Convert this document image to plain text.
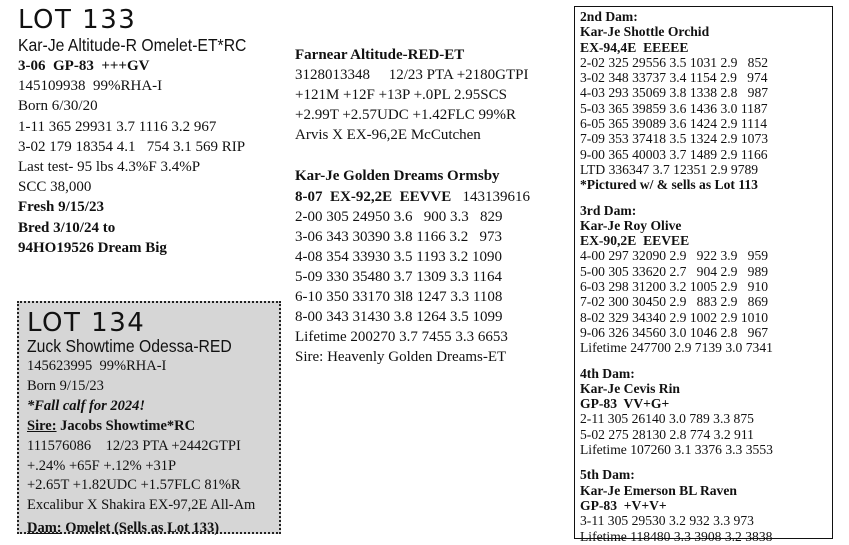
LOT 133
Kar-Je Altitude-R Omelet-ET*RC
3-06  GP-83  +++GV
145109938  99%RHA-I
Born 6/30/20
1-11 365 29931 3.7 1116 3.2 967
3-02 179 18354 4.1   754 3.1 569 RIP
Last test- 95 lbs 4.3%F 3.4%P
SCC 38,000
Fresh 9/15/23
Bred 3/10/24 to
94HO19526 Dream Big
LOT 134
Zuck Showtime Odessa-RED
145623995  99%RHA-I
Born 9/15/23
*Fall calf for 2024!
Sire: Jacobs Showtime*RC
111576086    12/23 PTA +2442GTPI
+.24% +65F +.12% +31P
+2.65T +1.82UDC +1.57FLC 81%R
Excalibur X Shakira EX-97,2E All-Am
Dam: Omelet (Sells as Lot 133)
Farnear Altitude-RED-ET
3128013348     12/23 PTA +2180GTPI
+121M +12F +13P +.0PL 2.95SCS
+2.99T +2.57UDC +1.42FLC 99%R
Arvis X EX-96,2E McCutchen
Kar-Je Golden Dreams Ormsby
8-07  EX-92,2E  EEVVE   143139616
2-00 305 24950 3.6   900 3.3   829
3-06 343 30390 3.8 1166 3.2   973
4-08 354 33930 3.5 1193 3.2 1090
5-09 330 35480 3.7 1309 3.3 1164
6-10 350 33170 3l8 1247 3.3 1108
8-00 343 31430 3.8 1264 3.5 1099
Lifetime 200270 3.7 7455 3.3 6653
Sire: Heavenly Golden Dreams-ET
2nd Dam:
Kar-Je Shottle Orchid
EX-94,4E  EEEEE
2-02 325 29556 3.5 1031 2.9   852
3-02 348 33737 3.4 1154 2.9   974
4-03 293 35069 3.8 1338 2.8   987
5-03 365 39859 3.6 1436 3.0 1187
6-05 365 39089 3.6 1424 2.9 1114
7-09 353 37418 3.5 1324 2.9 1073
9-00 365 40003 3.7 1489 2.9 1166
LTD 336347 3.7 12351 2.9 9789
*Pictured w/ & sells as Lot 113
3rd Dam:
Kar-Je Roy Olive
EX-90,2E  EEVEE
4-00 297 32090 2.9   922 3.9   959
5-00 305 33620 2.7   904 2.9   989
6-03 298 31200 3.2 1005 2.9   910
7-02 300 30450 2.9   883 2.9   869
8-02 329 34340 2.9 1002 2.9 1010
9-06 326 34560 3.0 1046 2.8   967
Lifetime 247700 2.9 7139 3.0 7341
4th Dam:
Kar-Je Cevis Rin
GP-83  VV+G+
2-11 305 26140 3.0 789 3.3 875
5-02 275 28130 2.8 774 3.2 911
Lifetime 107260 3.1 3376 3.3 3553
5th Dam:
Kar-Je Emerson BL Raven
GP-83  +V+V+
3-11 305 29530 3.2 932 3.3 973
Lifetime 118480 3.3 3908 3.2 3838
